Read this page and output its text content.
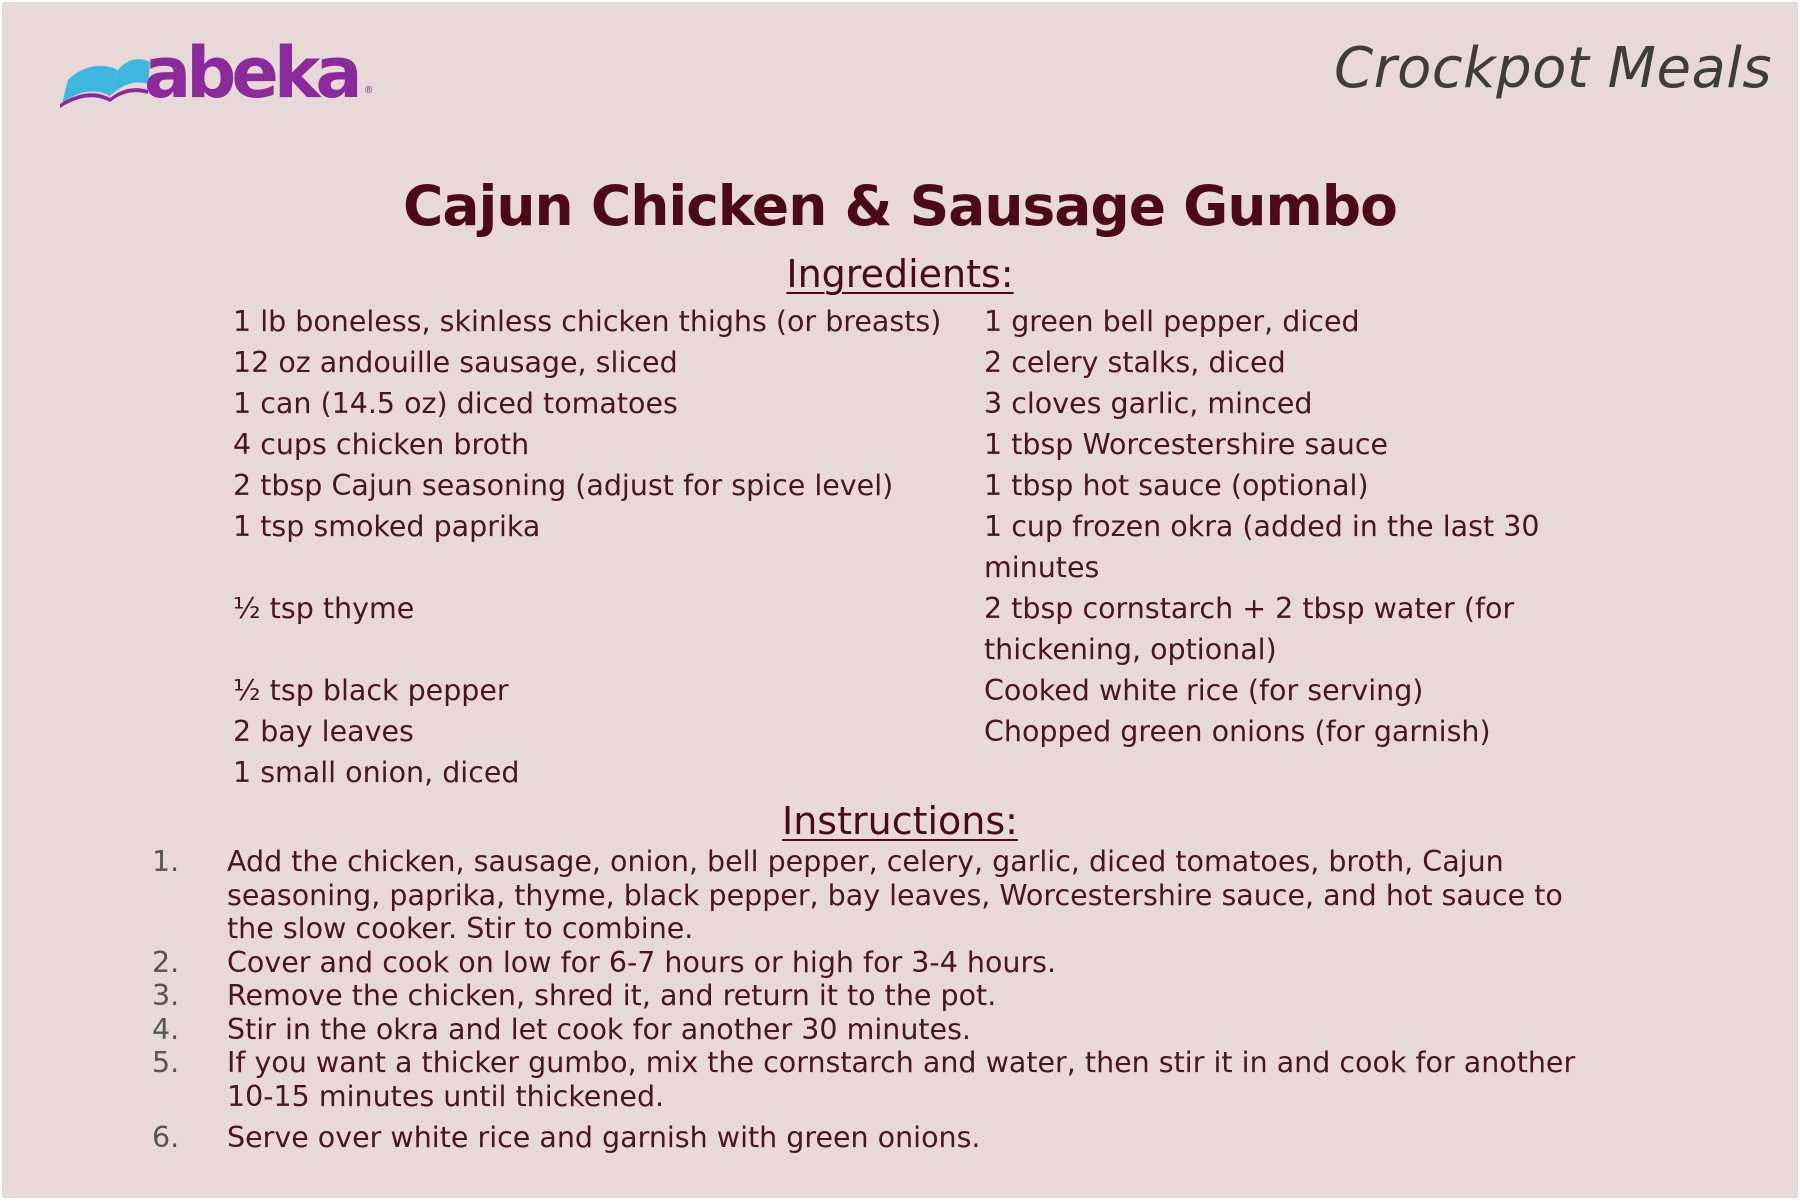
abeka ®	Crockpot Meals
Cajun Chicken & Sausage Gumbo
Ingredients:
1 lb boneless, skinless chicken thighs (or breasts)
12 oz andouille sausage, sliced
1 can (14.5 oz) diced tomatoes
4 cups chicken broth
2 tbsp Cajun seasoning (adjust for spice level)
1 tsp smoked paprika
½ tsp thyme
½ tsp black pepper
2 bay leaves
1 small onion, diced
1 green bell pepper, diced
2 celery stalks, diced
3 cloves garlic, minced
1 tbsp Worcestershire sauce
1 tbsp hot sauce (optional)
1 cup frozen okra (added in the last 30 minutes
2 tbsp cornstarch + 2 tbsp water (for thickening, optional)
Cooked white rice (for serving)
Chopped green onions (for garnish)
Instructions:
1. Add the chicken, sausage, onion, bell pepper, celery, garlic, diced tomatoes, broth, Cajun seasoning, paprika, thyme, black pepper, bay leaves, Worcestershire sauce, and hot sauce to the slow cooker. Stir to combine.
2. Cover and cook on low for 6-7 hours or high for 3-4 hours.
3. Remove the chicken, shred it, and return it to the pot.
4. Stir in the okra and let cook for another 30 minutes.
5. If you want a thicker gumbo, mix the cornstarch and water, then stir it in and cook for another 10-15 minutes until thickened.
6. Serve over white rice and garnish with green onions.
